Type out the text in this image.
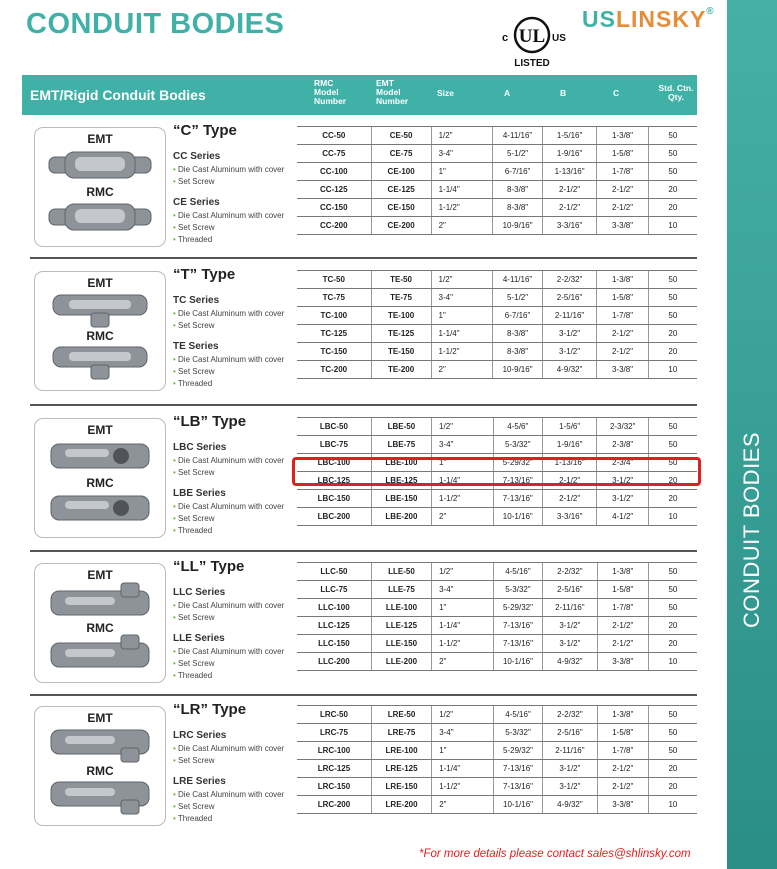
CONDUIT BODIES	UL
c	US
LISTED
USLINSKY®
CONDUIT BODIES
EMT/Rigid Conduit Bodies
RMC
Model
Number
EMT
Model
Number
Size	A	B	C	Std. Ctn.
Qty.
EMT
RMC
“C” Type
CC Series
• Die Cast Aluminum with cover
• Set Screw
CE Series
• Die Cast Aluminum with cover
• Set Screw
• Threaded
CC-50	CE-50	1/2"	4-11/16"	1-5/16"	1-3/8"	50
CC-75	CE-75	3-4"	5-1/2"	1-9/16"	1-5/8"	50
CC-100	CE-100	1"	6-7/16"	1-13/16"	1-7/8"	50
CC-125	CE-125	1-1/4"	8-3/8"	2-1/2"	2-1/2"	20
CC-150	CE-150	1-1/2"	8-3/8"	2-1/2"	2-1/2"	20
CC-200	CE-200	2"	10-9/16"	3-3/16"	3-3/8"	10
EMT
RMC
“T” Type
TC Series
• Die Cast Aluminum with cover
• Set Screw
TE Series
• Die Cast Aluminum with cover
• Set Screw
• Threaded
TC-50	TE-50	1/2"	4-11/16"	2-2/32"	1-3/8"	50
TC-75	TE-75	3-4"	5-1/2"	2-5/16"	1-5/8"	50
TC-100	TE-100	1"	6-7/16"	2-11/16"	1-7/8"	50
TC-125	TE-125	1-1/4"	8-3/8"	3-1/2"	2-1/2"	20
TC-150	TE-150	1-1/2"	8-3/8"	3-1/2"	2-1/2"	20
TC-200	TE-200	2"	10-9/16"	4-9/32"	3-3/8"	10
EMT
RMC
“LB” Type
LBC Series
• Die Cast Aluminum with cover
• Set Screw
LBE Series
• Die Cast Aluminum with cover
• Set Screw
• Threaded
LBC-50	LBE-50	1/2"	4-5/6"	1-5/6"	2-3/32"	50
LBC-75	LBE-75	3-4"	5-3/32"	1-9/16"	2-3/8"	50
LBC-100	LBE-100	1"	5-29/32"	1-13/16"	2-3/4"	50
LBC-125	LBE-125	1-1/4"	7-13/16"	2-1/2"	3-1/2"	20
LBC-150	LBE-150	1-1/2"	7-13/16"	2-1/2"	3-1/2"	20
LBC-200	LBE-200	2"	10-1/16"	3-3/16"	4-1/2"	10
EMT
RMC
“LL” Type
LLC Series
• Die Cast Aluminum with cover
• Set Screw
LLE Series
• Die Cast Aluminum with cover
• Set Screw
• Threaded
LLC-50	LLE-50	1/2"	4-5/16"	2-2/32"	1-3/8"	50
LLC-75	LLE-75	3-4"	5-3/32"	2-5/16"	1-5/8"	50
LLC-100	LLE-100	1"	5-29/32"	2-11/16"	1-7/8"	50
LLC-125	LLE-125	1-1/4"	7-13/16"	3-1/2"	2-1/2"	20
LLC-150	LLE-150	1-1/2"	7-13/16"	3-1/2"	2-1/2"	20
LLC-200	LLE-200	2"	10-1/16"	4-9/32"	3-3/8"	10
EMT
RMC
“LR” Type
LRC Series
• Die Cast Aluminum with cover
• Set Screw
LRE Series
• Die Cast Aluminum with cover
• Set Screw
• Threaded
LRC-50	LRE-50	1/2"	4-5/16"	2-2/32"	1-3/8"	50
LRC-75	LRE-75	3-4"	5-3/32"	2-5/16"	1-5/8"	50
LRC-100	LRE-100	1"	5-29/32"	2-11/16"	1-7/8"	50
LRC-125	LRE-125	1-1/4"	7-13/16"	3-1/2"	2-1/2"	20
LRC-150	LRE-150	1-1/2"	7-13/16"	3-1/2"	2-1/2"	20
LRC-200	LRE-200	2"	10-1/16"	4-9/32"	3-3/8"	10
*For more details please contact sales@shlinsky.com
